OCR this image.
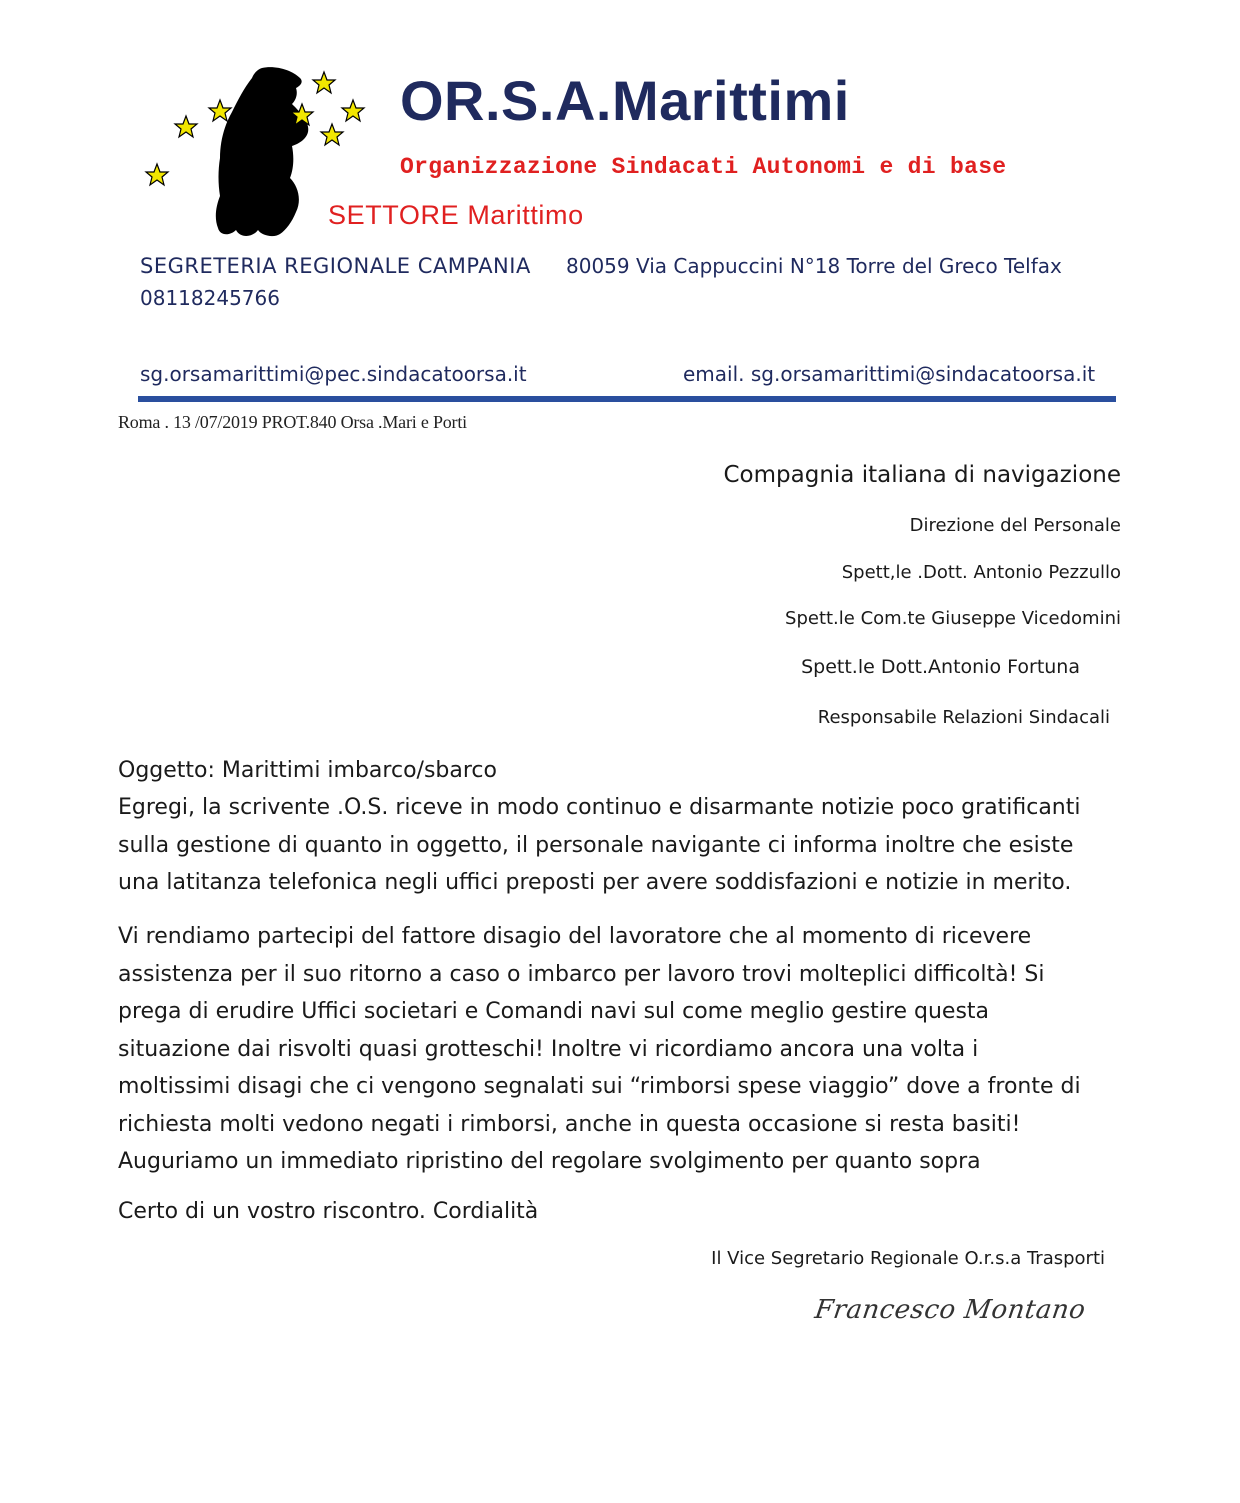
OR.S.A.Marittimi
Organizzazione Sindacati Autonomi e di base
SETTORE Marittimo
SEGRETERIA REGIONALE CAMPANIA 80059 Via Cappuccini N°18 Torre del Greco Telfax
08118245766
sg.orsamarittimi@pec.sindacatoorsa.it	email. sg.orsamarittimi@sindacatoorsa.it
Roma . 13 /07/2019 PROT.840 Orsa .Mari e Porti
Compagnia italiana di navigazione
Direzione del Personale
Spett,le .Dott. Antonio Pezzullo
Spett.le Com.te Giuseppe Vicedomini
Spett.le Dott.Antonio Fortuna
Responsabile Relazioni Sindacali
Oggetto: Marittimi imbarco/sbarco
Egregi, la scrivente .O.S. riceve in modo continuo e disarmante notizie poco gratificanti
sulla gestione di quanto in oggetto, il personale navigante ci informa inoltre che esiste
una latitanza telefonica negli uffici preposti per avere soddisfazioni e notizie in merito.
Vi rendiamo partecipi del fattore disagio del lavoratore che al momento di ricevere
assistenza per il suo ritorno a caso o imbarco per lavoro trovi molteplici difficoltà! Si
prega di erudire Uffici societari e Comandi navi sul come meglio gestire questa
situazione dai risvolti quasi grotteschi! Inoltre vi ricordiamo ancora una volta i
moltissimi disagi che ci vengono segnalati sui “rimborsi spese viaggio” dove a fronte di
richiesta molti vedono negati i rimborsi, anche in questa occasione si resta basiti!
Auguriamo un immediato ripristino del regolare svolgimento per quanto sopra
Certo di un vostro riscontro. Cordialità
Il Vice Segretario Regionale O.r.s.a Trasporti
Francesco Montano
